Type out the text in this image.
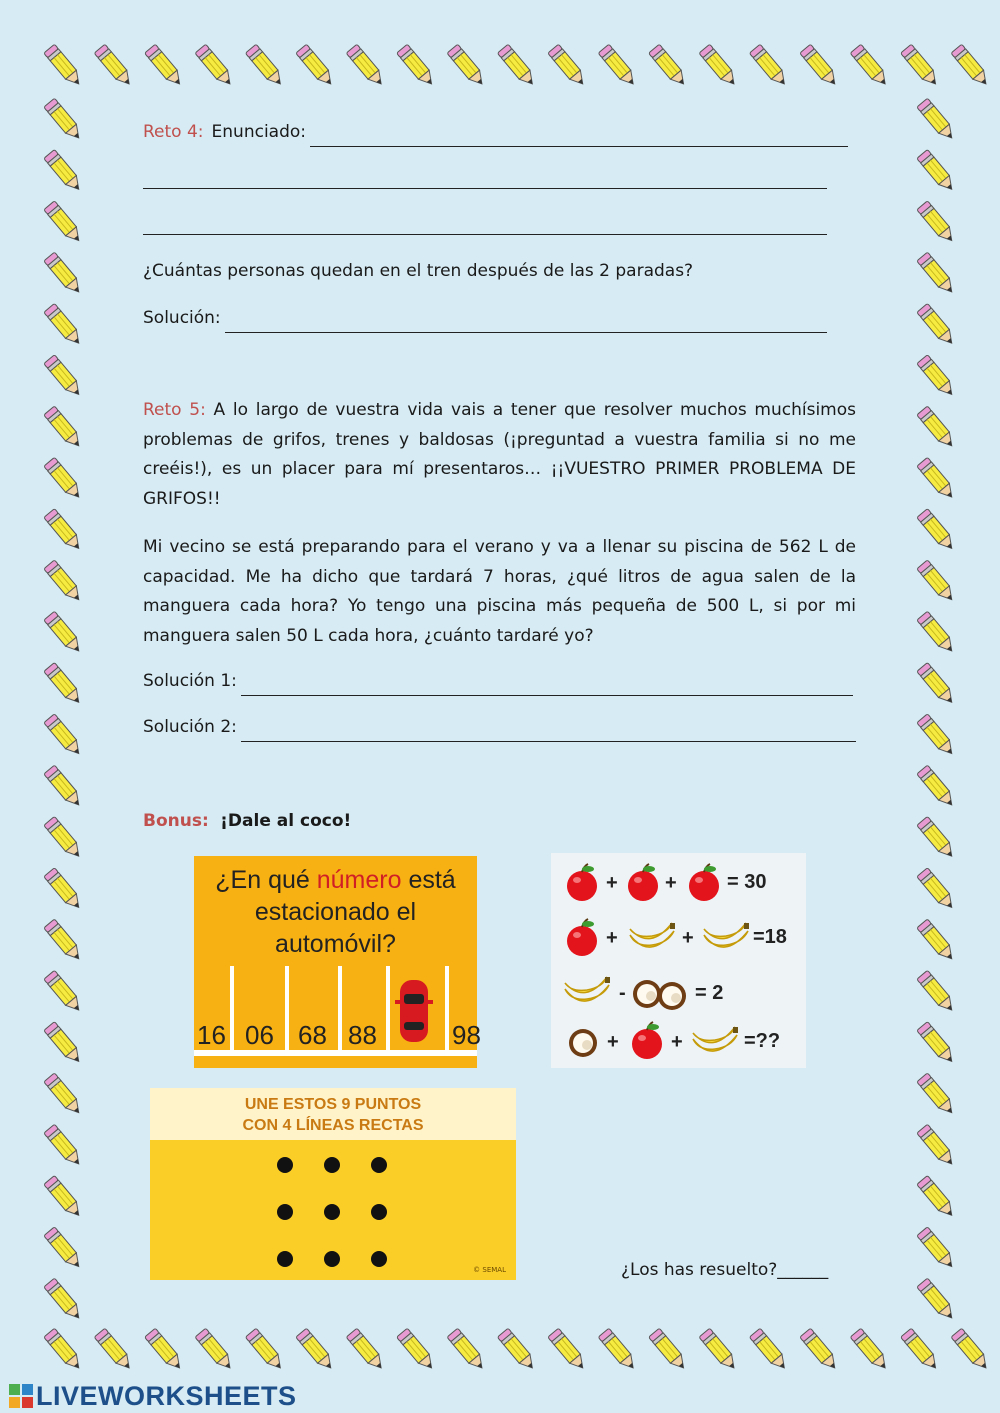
Reto 4: Enunciado:
¿Cuántas personas quedan en el tren después de las 2 paradas?
Solución:

Reto 5: A lo largo de vuestra vida vais a tener que resolver muchos muchísimos problemas de grifos, trenes y baldosas (¡preguntad a vuestra familia si no me creéis!), es un placer para mí presentaros… ¡¡VUESTRO PRIMER PROBLEMA DE GRIFOS!!

Mi vecino se está preparando para el verano y va a llenar su piscina de 562 L de capacidad. Me ha dicho que tardará 7 horas, ¿qué litros de agua salen de la manguera cada hora? Yo tengo una piscina más pequeña de 500 L, si por mi manguera salen 50 L cada hora, ¿cuánto tardaré yo?

Solución 1:
Solución 2:
Bonus: ¡Dale al coco!
¿En qué número está
estacionado el automóvil?
16 06 68 88	98
+ +	= 30
+	+	=18
-	= 2
+	+	=??
UNE ESTOS 9 PUNTOS
CON 4 LÍNEAS RECTAS
© SEMAL	¿Los has resuelto?______
LIVEWORKSHEETS
